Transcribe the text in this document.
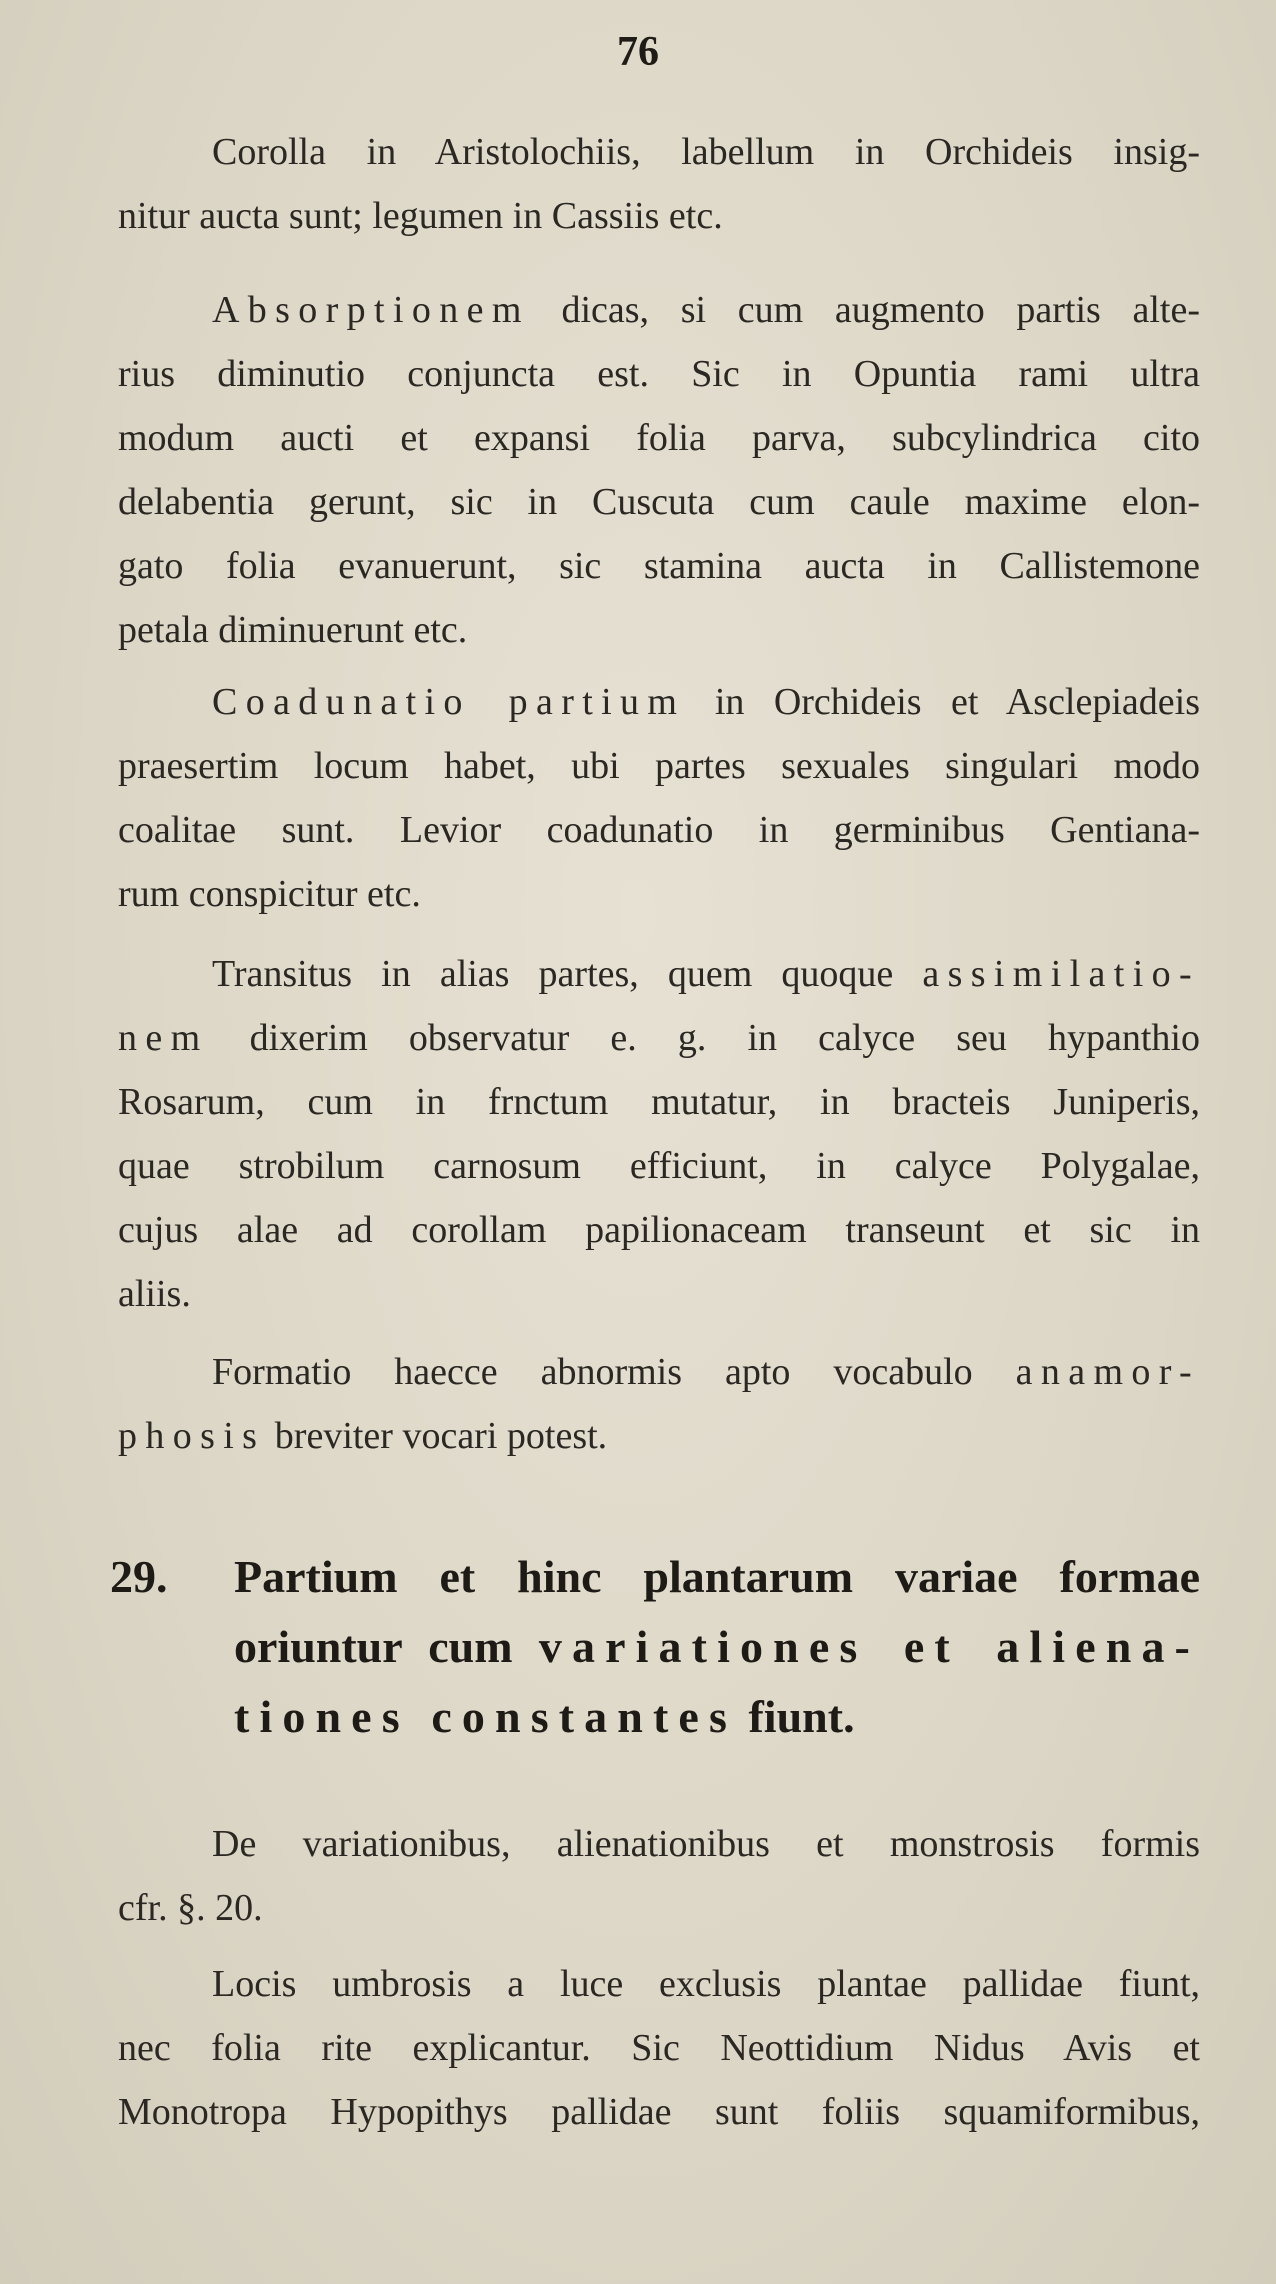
76
Corolla in Aristolochiis, labellum in Orchideis insig-
nitur aucta sunt; legumen in Cassiis etc.
Absorptionem dicas, si cum augmento partis alte-
rius diminutio conjuncta est. Sic in Opuntia rami ultra
modum aucti et expansi folia parva, subcylindrica cito
delabentia gerunt, sic in Cuscuta cum caule maxime elon-
gato folia evanuerunt, sic stamina aucta in Callistemone
petala diminuerunt etc.
Coadunatio partium in Orchideis et Asclepiadeis
praesertim locum habet, ubi partes sexuales singulari modo
coalitae sunt. Levior coadunatio in germinibus Gentiana-
rum conspicitur etc.
Transitus in alias partes, quem quoque assimilatio-
nem dixerim observatur e. g. in calyce seu hypanthio
Rosarum, cum in frnctum mutatur, in bracteis Juniperis,
quae strobilum carnosum efficiunt, in calyce Polygalae,
cujus alae ad corollam papilionaceam transeunt et sic in
aliis.
Formatio haecce abnormis apto vocabulo anamor-
phosis breviter vocari potest.
29.	Partium et hinc plantarum variae formae
oriuntur cum variationes et aliena-
tiones constantes fiunt.
De variationibus, alienationibus et monstrosis formis
cfr. §. 20.
Locis umbrosis a luce exclusis plantae pallidae fiunt,
nec folia rite explicantur. Sic Neottidium Nidus Avis et
Monotropa Hypopithys pallidae sunt foliis squamiformibus,
